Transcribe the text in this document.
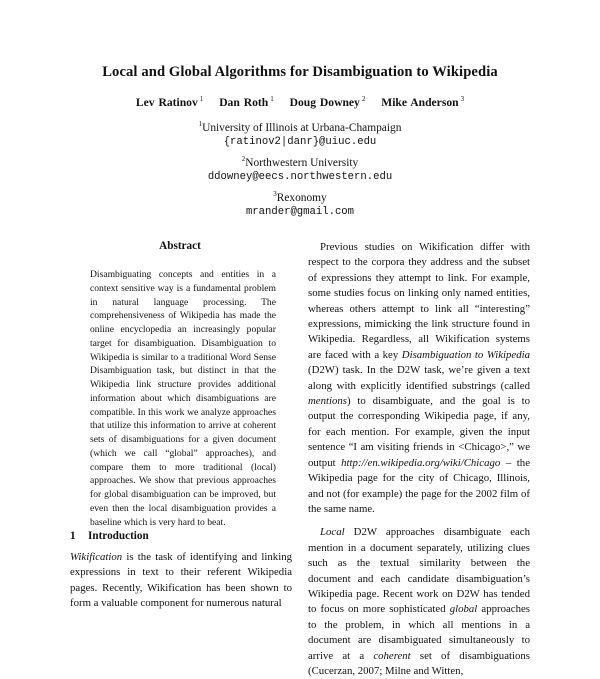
Local and Global Algorithms for Disambiguation to Wikipedia
Lev Ratinov $^1$ Dan Roth $^1$ Doug Downey $^2$ Mike Anderson $^3$
$^1$University of Illinois at Urbana-Champaign
{ratinov2|danr}@uiuc.edu
$^2$Northwestern University
ddowney@eecs.northwestern.edu
$^3$Rexonomy
mrander@gmail.com
Abstract
Disambiguating concepts and entities in a context sensitive way is a fundamental problem in natural language processing. The comprehensiveness of Wikipedia has made the online encyclopedia an increasingly popular target for disambiguation. Disambiguation to Wikipedia is similar to a traditional Word Sense Disambiguation task, but distinct in that the Wikipedia link structure provides additional information about which disambiguations are compatible. In this work we analyze approaches that utilize this information to arrive at coherent sets of disambiguations for a given document (which we call “global” approaches), and compare them to more traditional (local) approaches. We show that previous approaches for global disambiguation can be improved, but even then the local disambiguation provides a baseline which is very hard to beat.
1 Introduction
Wikification is the task of identifying and linking expressions in text to their referent Wikipedia pages. Recently, Wikification has been shown to form a valuable component for numerous natural

Previous studies on Wikification differ with respect to the corpora they address and the subset of expressions they attempt to link. For example, some studies focus on linking only named entities, whereas others attempt to link all “interesting” expressions, mimicking the link structure found in Wikipedia. Regardless, all Wikification systems are faced with a key Disambiguation to Wikipedia (D2W) task. In the D2W task, we’re given a text along with explicitly identified substrings (called mentions) to disambiguate, and the goal is to output the corresponding Wikipedia page, if any, for each mention. For example, given the input sentence “I am visiting friends in <Chicago>,” we output http://en.wikipedia.org/wiki/Chicago – the Wikipedia page for the city of Chicago, Illinois, and not (for example) the page for the 2002 film of the same name.

Local D2W approaches disambiguate each mention in a document separately, utilizing clues such as the textual similarity between the document and each candidate disambiguation’s Wikipedia page. Recent work on D2W has tended to focus on more sophisticated global approaches to the problem, in which all mentions in a document are disambiguated simultaneously to arrive at a coherent set of disambiguations (Cucerzan, 2007; Milne and Witten,
